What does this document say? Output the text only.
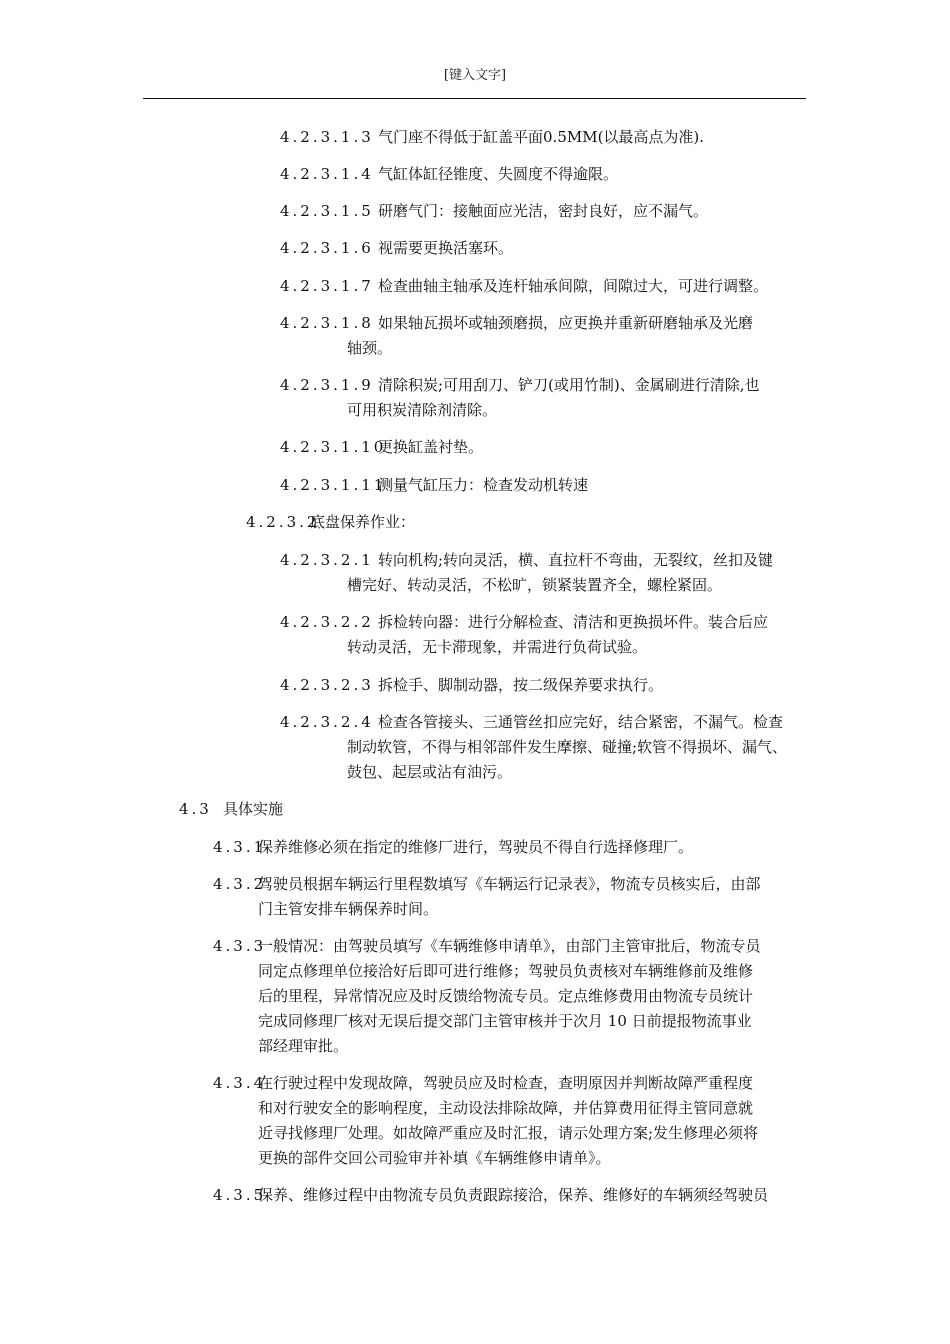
[键入文字]
4.2.3.1.3 气门座不得低于缸盖平面0.5MM(以最高点为准).
4.2.3.1.4 气缸体缸径锥度、失圆度不得逾限。
4.2.3.1.5 研磨气门：接触面应光洁，密封良好，应不漏气。
4.2.3.1.6 视需要更换活塞环。
4.2.3.1.7 检查曲轴主轴承及连杆轴承间隙，间隙过大，可进行调整。
4.2.3.1.8 如果轴瓦损坏或轴颈磨损，应更换并重新研磨轴承及光磨
轴颈。
4.2.3.1.9 清除积炭;可用刮刀、铲刀(或用竹制)、金属刷进行清除,也
可用积炭清除剂清除。
4.2.3.1.10更换缸盖衬垫。
4.2.3.1.11测量气缸压力：检查发动机转速
4.2.3.2底盘保养作业：
4.2.3.2.1 转向机构;转向灵活，横、直拉杆不弯曲，无裂纹，丝扣及键
槽完好、转动灵活，不松旷，锁紧装置齐全，螺栓紧固。
4.2.3.2.2 拆检转向器：进行分解检查、清洁和更换损坏件。装合后应
转动灵活，无卡滞现象，并需进行负荷试验。
4.2.3.2.3 拆检手、脚制动器，按二级保养要求执行。
4.2.3.2.4 检查各管接头、三通管丝扣应完好，结合紧密，不漏气。检查
制动软管，不得与相邻部件发生摩擦、碰撞;软管不得损坏、漏气、
鼓包、起层或沾有油污。
4.3 具体实施
4.3.1保养维修必须在指定的维修厂进行，驾驶员不得自行选择修理厂。
4.3.2驾驶员根据车辆运行里程数填写《车辆运行记录表》，物流专员核实后，由部
门主管安排车辆保养时间。
4.3.3一般情况：由驾驶员填写《车辆维修申请单》，由部门主管审批后，物流专员
同定点修理单位接洽好后即可进行维修；驾驶员负责核对车辆维修前及维修
后的里程，异常情况应及时反馈给物流专员。定点维修费用由物流专员统计
完成同修理厂核对无误后提交部门主管审核并于次月 10 日前提报物流事业
部经理审批。
4.3.4在行驶过程中发现故障，驾驶员应及时检查，查明原因并判断故障严重程度
和对行驶安全的影响程度，主动设法排除故障，并估算费用征得主管同意就
近寻找修理厂处理。如故障严重应及时汇报，请示处理方案;发生修理必须将
更换的部件交回公司验审并补填《车辆维修申请单》。
4.3.5保养、维修过程中由物流专员负责跟踪接洽，保养、维修好的车辆须经驾驶员
